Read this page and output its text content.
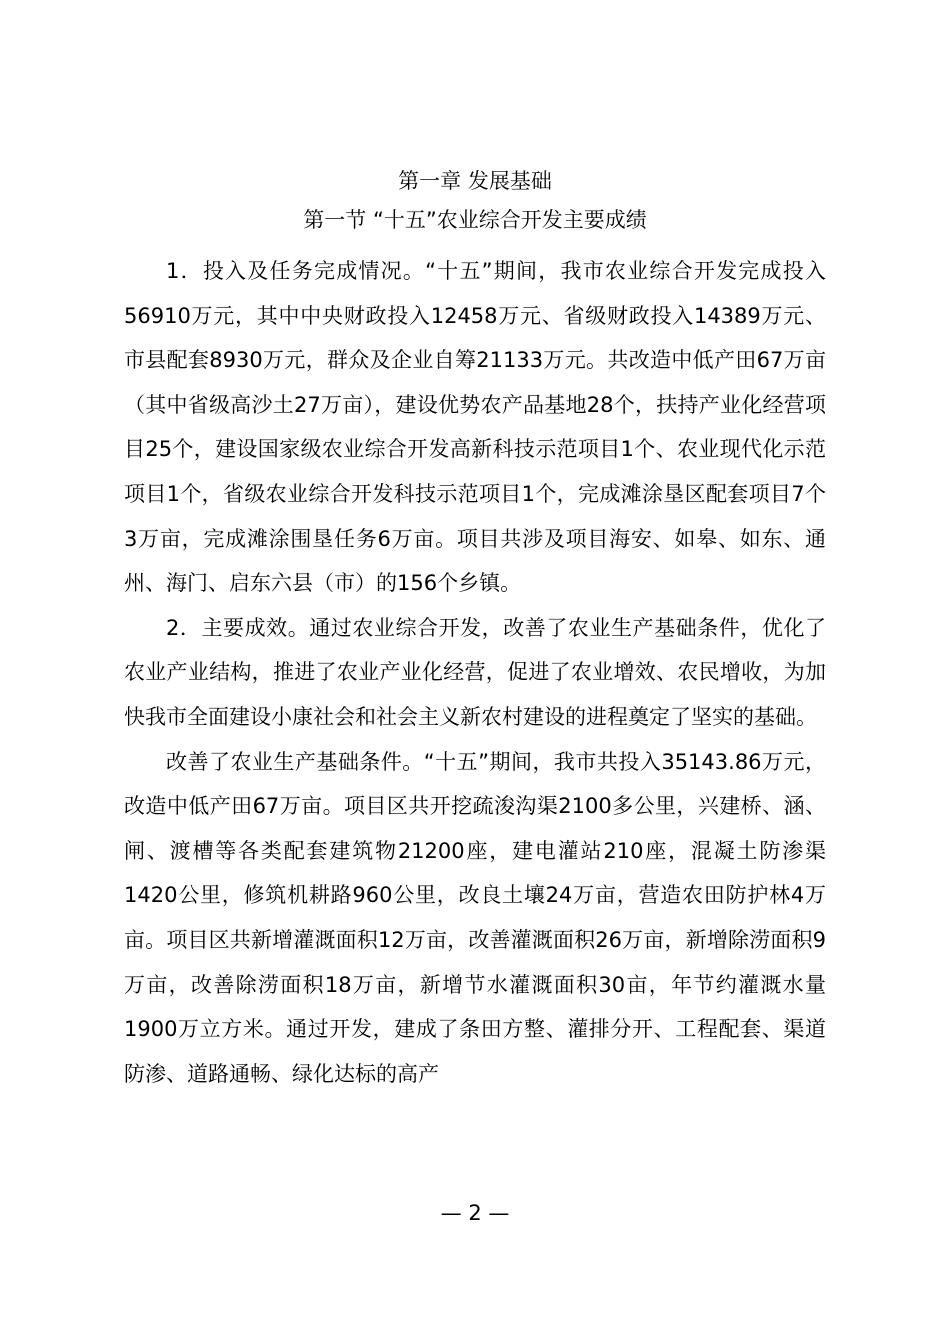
第一章 发展基础
第一节 “十五”农业综合开发主要成绩

1．投入及任务完成情况。“十五”期间，我市农业综合开发完成投入56910万元，其中中央财政投入12458万元、省级财政投入14389万元、市县配套8930万元，群众及企业自筹21133万元。共改造中低产田67万亩（其中省级高沙土27万亩），建设优势农产品基地28个，扶持产业化经营项目25个，建设国家级农业综合开发高新科技示范项目1个、农业现代化示范项目1个，省级农业综合开发科技示范项目1个，完成滩涂垦区配套项目7个3万亩，完成滩涂围垦任务6万亩。项目共涉及项目海安、如皋、如东、通州、海门、启东六县（市）的156个乡镇。

2．主要成效。通过农业综合开发，改善了农业生产基础条件，优化了农业产业结构，推进了农业产业化经营，促进了农业增效、农民增收，为加快我市全面建设小康社会和社会主义新农村建设的进程奠定了坚实的基础。

改善了农业生产基础条件。“十五”期间，我市共投入35143.86万元，改造中低产田67万亩。项目区共开挖疏浚沟渠2100多公里，兴建桥、涵、闸、渡槽等各类配套建筑物21200座，建电灌站210座，混凝土防渗渠1420公里，修筑机耕路960公里，改良土壤24万亩，营造农田防护林4万亩。项目区共新增灌溉面积12万亩，改善灌溉面积26万亩，新增除涝面积9万亩，改善除涝面积18万亩，新增节水灌溉面积30亩，年节约灌溉水量1900万立方米。通过开发，建成了条田方整、灌排分开、工程配套、渠道防渗、道路通畅、绿化达标的高产

— 2 —
